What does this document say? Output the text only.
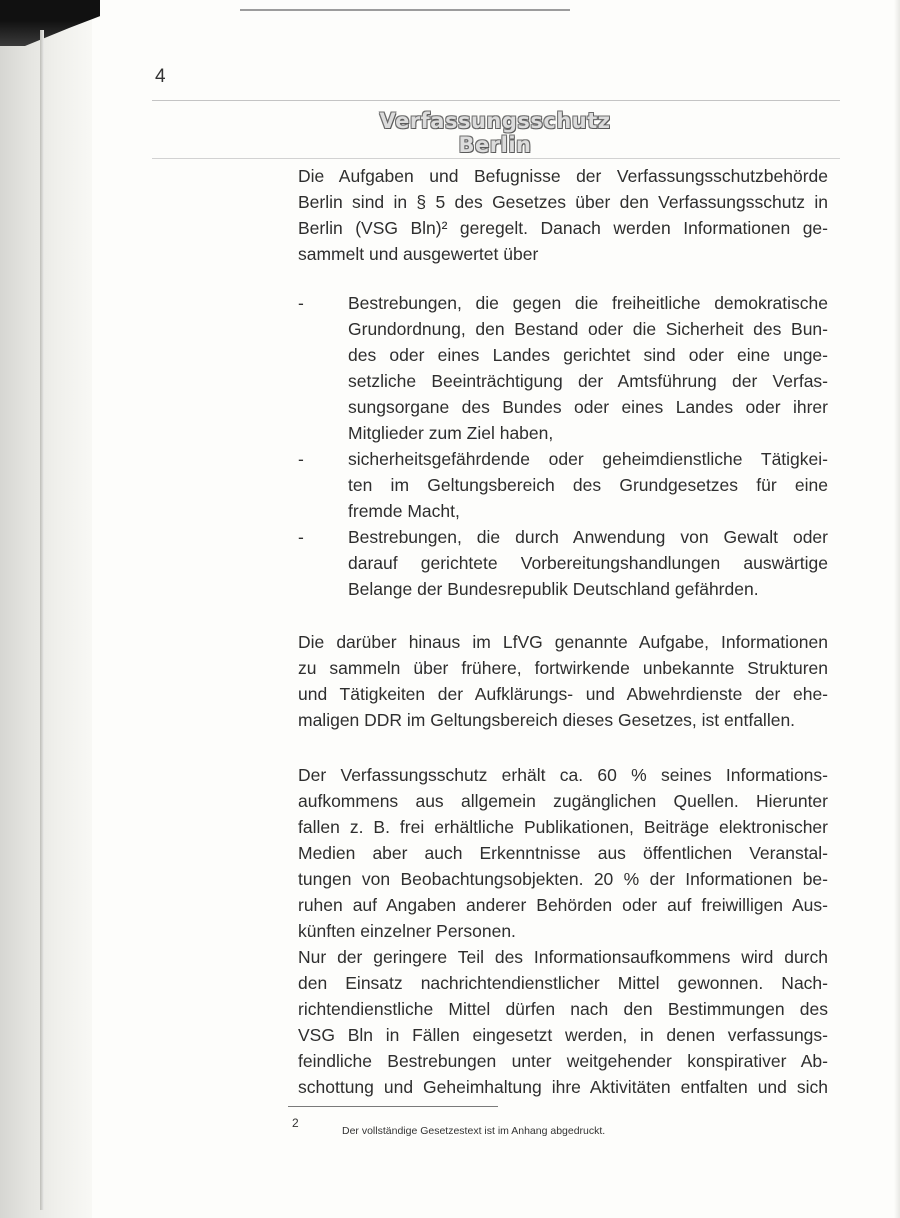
4
Verfassungsschutz Berlin

Die Aufgaben und Befugnisse der Verfassungsschutzbehörde

Berlin sind in § 5 des Gesetzes über den Verfassungsschutz in

Berlin (VSG Bln)² geregelt. Danach werden Informationen ge-

sammelt und ausgewertet über

-	Bestrebungen, die gegen die freiheitliche demokratische
Grundordnung, den Bestand oder die Sicherheit des Bun-
des oder eines Landes gerichtet sind oder eine unge-
setzliche Beeinträchtigung der Amtsführung der Verfas-
sungsorgane des Bundes oder eines Landes oder ihrer
Mitglieder zum Ziel haben,
-	sicherheitsgefährdende oder geheimdienstliche Tätigkei-
ten im Geltungsbereich des Grundgesetzes für eine
fremde Macht,
-	Bestrebungen, die durch Anwendung von Gewalt oder
darauf gerichtete Vorbereitungshandlungen auswärtige
Belange der Bundesrepublik Deutschland gefährden.

Die darüber hinaus im LfVG genannte Aufgabe, Informationen

zu sammeln über frühere, fortwirkende unbekannte Strukturen

und Tätigkeiten der Aufklärungs- und Abwehrdienste der ehe-

maligen DDR im Geltungsbereich dieses Gesetzes, ist entfallen.

Der Verfassungsschutz erhält ca. 60 % seines Informations-

aufkommens aus allgemein zugänglichen Quellen. Hierunter

fallen z. B. frei erhältliche Publikationen, Beiträge elektronischer

Medien aber auch Erkenntnisse aus öffentlichen Veranstal-

tungen von Beobachtungsobjekten. 20 % der Informationen be-

ruhen auf Angaben anderer Behörden oder auf freiwilligen Aus-

künften einzelner Personen.

Nur der geringere Teil des Informationsaufkommens wird durch

den Einsatz nachrichtendienstlicher Mittel gewonnen. Nach-

richtendienstliche Mittel dürfen nach den Bestimmungen des

VSG Bln in Fällen eingesetzt werden, in denen verfassungs-

feindliche Bestrebungen unter weitgehender konspirativer Ab-

schottung und Geheimhaltung ihre Aktivitäten entfalten und sich

2
Der vollständige Gesetzestext ist im Anhang abgedruckt.
